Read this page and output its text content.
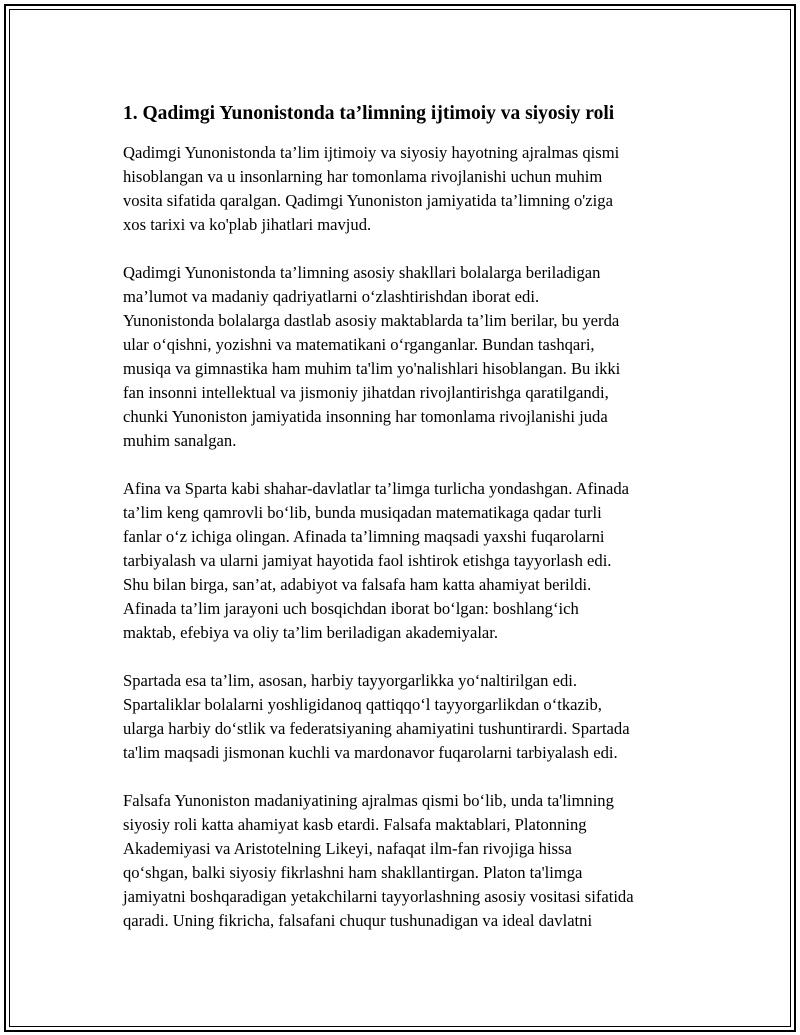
1. Qadimgi Yunonistonda ta’limning ijtimoiy va siyosiy roli
Qadimgi Yunonistonda ta’lim ijtimoiy va siyosiy hayotning ajralmas qismi
hisoblangan va u insonlarning har tomonlama rivojlanishi uchun muhim
vosita sifatida qaralgan. Qadimgi Yunoniston jamiyatida ta’limning o'ziga
xos tarixi va ko'plab jihatlari mavjud.
Qadimgi Yunonistonda ta’limning asosiy shakllari bolalarga beriladigan
ma’lumot va madaniy qadriyatlarni o‘zlashtirishdan iborat edi.
Yunonistonda bolalarga dastlab asosiy maktablarda ta’lim berilar, bu yerda
ular o‘qishni, yozishni va matematikani o‘rganganlar. Bundan tashqari,
musiqa va gimnastika ham muhim ta'lim yo'nalishlari hisoblangan. Bu ikki
fan insonni intellektual va jismoniy jihatdan rivojlantirishga qaratilgandi,
chunki Yunoniston jamiyatida insonning har tomonlama rivojlanishi juda
muhim sanalgan.
Afina va Sparta kabi shahar-davlatlar ta’limga turlicha yondashgan. Afinada
ta’lim keng qamrovli bo‘lib, bunda musiqadan matematikaga qadar turli
fanlar o‘z ichiga olingan. Afinada ta’limning maqsadi yaxshi fuqarolarni
tarbiyalash va ularni jamiyat hayotida faol ishtirok etishga tayyorlash edi.
Shu bilan birga, san’at, adabiyot va falsafa ham katta ahamiyat berildi.
Afinada ta’lim jarayoni uch bosqichdan iborat bo‘lgan: boshlang‘ich
maktab, efebiya va oliy ta’lim beriladigan akademiyalar.
Spartada esa ta’lim, asosan, harbiy tayyorgarlikka yo‘naltirilgan edi.
Spartaliklar bolalarni yoshligidanoq qattiqqo‘l tayyorgarlikdan o‘tkazib,
ularga harbiy do‘stlik va federatsiyaning ahamiyatini tushuntirardi. Spartada
ta'lim maqsadi jismonan kuchli va mardonavor fuqarolarni tarbiyalash edi.
Falsafa Yunoniston madaniyatining ajralmas qismi bo‘lib, unda ta'limning
siyosiy roli katta ahamiyat kasb etardi. Falsafa maktablari, Platonning
Akademiyasi va Aristotelning Likeyi, nafaqat ilm-fan rivojiga hissa
qo‘shgan, balki siyosiy fikrlashni ham shakllantirgan. Platon ta'limga
jamiyatni boshqaradigan yetakchilarni tayyorlashning asosiy vositasi sifatida
qaradi. Uning fikricha, falsafani chuqur tushunadigan va ideal davlatni
